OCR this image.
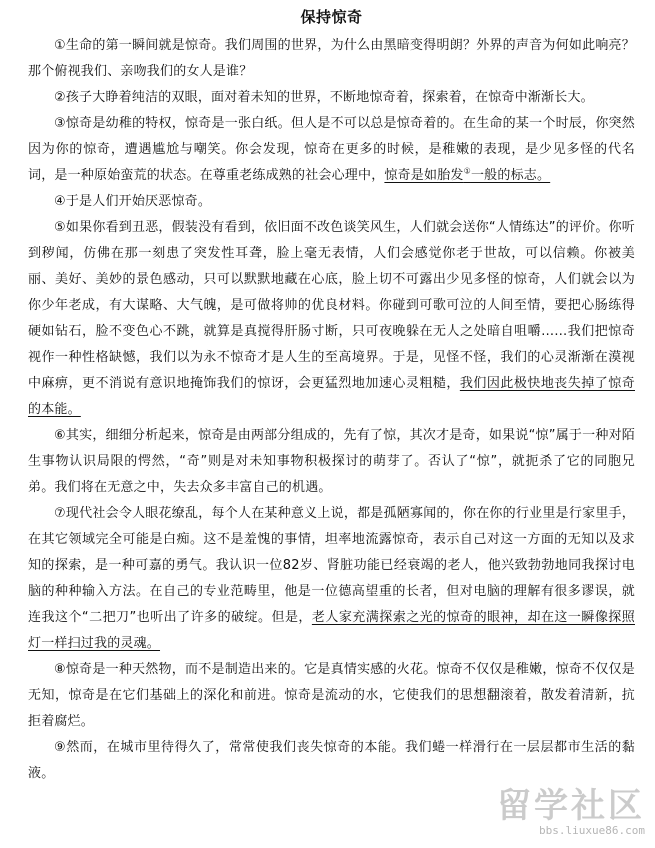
保持惊奇

①生命的第一瞬间就是惊奇。我们周围的世界，为什么由黑暗变得明朗？外界的声音为何如此响亮？那个俯视我们、亲吻我们的女人是谁？

②孩子大睁着纯洁的双眼，面对着未知的世界，不断地惊奇着，探索着，在惊奇中渐渐长大。

③惊奇是幼稚的特权，惊奇是一张白纸。但人是不可以总是惊奇着的。在生命的某一个时辰，你突然因为你的惊奇，遭遇尴尬与嘲笑。你会发现，惊奇在更多的时候，是稚嫩的表现，是少见多怪的代名词，是一种原始蛮荒的状态。在尊重老练成熟的社会心理中，惊奇是如胎发①一般的标志。

④于是人们开始厌恶惊奇。

⑤如果你看到丑恶，假装没有看到，依旧面不改色谈笑风生，人们就会送你“人情练达”的评价。你听到秽闻，仿佛在那一刻患了突发性耳聋，脸上毫无表情，人们会感觉你老于世故，可以信赖。你被美丽、美好、美妙的景色感动，只可以默默地藏在心底，脸上切不可露出少见多怪的惊奇，人们就会以为你少年老成，有大谋略、大气魄，是可做将帅的优良材料。你碰到可歌可泣的人间至情，要把心肠练得硬如钻石，脸不变色心不跳，就算是真搅得肝肠寸断，只可夜晚躲在无人之处暗自咀嚼……我们把惊奇视作一种性格缺憾，我们以为永不惊奇才是人生的至高境界。于是，见怪不怪，我们的心灵渐渐在漠视中麻痹，更不消说有意识地掩饰我们的惊讶，会更猛烈地加速心灵粗糙，我们因此极快地丧失掉了惊奇的本能。

⑥其实，细细分析起来，惊奇是由两部分组成的，先有了惊，其次才是奇，如果说“惊”属于一种对陌生事物认识局限的愕然，“奇”则是对未知事物积极探讨的萌芽了。否认了“惊”，就扼杀了它的同胞兄弟。我们将在无意之中，失去众多丰富自己的机遇。

⑦现代社会令人眼花缭乱，每个人在某种意义上说，都是孤陋寡闻的，你在你的行业里是行家里手，在其它领域完全可能是白痴。这不是羞愧的事情，坦率地流露惊奇，表示自己对这一方面的无知以及求知的探索，是一种可嘉的勇气。我认识一位82岁、肾脏功能已经衰竭的老人，他兴致勃勃地同我探讨电脑的种种输入方法。在自己的专业范畴里，他是一位德高望重的长者，但对电脑的理解有很多谬误，就连我这个“二把刀”也听出了许多的破绽。但是，老人家充满探索之光的惊奇的眼神，却在这一瞬像探照灯一样扫过我的灵魂。

⑧惊奇是一种天然物，而不是制造出来的。它是真情实感的火花。惊奇不仅仅是稚嫩，惊奇不仅仅是无知，惊奇是在它们基础上的深化和前进。惊奇是流动的水，它使我们的思想翻滚着，散发着清新，抗拒着腐烂。

⑨然而，在城市里待得久了，常常使我们丧失惊奇的本能。我们蜷一样滑行在一层层都市生活的黏液。

留学社区
bbs.liuxue86.com
